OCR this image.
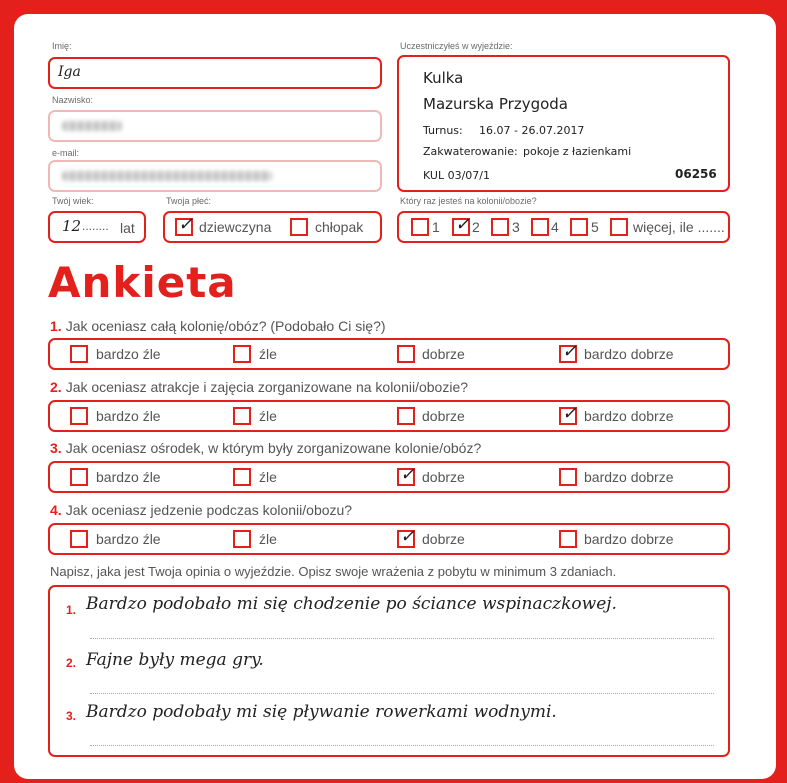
Imię:
Iga
Nazwisko:
e-mail:
Twój wiek:
12 ........ lat
Twoja płeć:
✓ dziewczyna	chłopak
Uczestniczyłeś w wyjeździe:
Kulka
Mazurska Przygoda
Turnus: 16.07 - 26.07.2017
Zakwaterowanie: pokoje z łazienkami
KUL 03/07/1	06256
Który raz jesteś na kolonii/obozie?
1 ✓ 2 3 4 5 więcej, ile .......
Ankieta
1. Jak oceniasz całą kolonię/obóz? (Podobało Ci się?)
bardzo źle	źle	dobrze	✓ bardzo dobrze
2. Jak oceniasz atrakcje i zajęcia zorganizowane na kolonii/obozie?
bardzo źle	źle	dobrze	✓ bardzo dobrze
3. Jak oceniasz ośrodek, w którym były zorganizowane kolonie/obóz?
bardzo źle	źle	✓ dobrze	bardzo dobrze
4. Jak oceniasz jedzenie podczas kolonii/obozu?
bardzo źle	źle	✓ dobrze	bardzo dobrze
Napisz, jaka jest Twoja opinia o wyjeździe. Opisz swoje wrażenia z pobytu w minimum 3 zdaniach.
1. Bardzo podobało mi się chodzenie po ściance wspinaczkowej.
2. Fajne były mega gry.
3. Bardzo podobały mi się pływanie rowerkami wodnymi.
